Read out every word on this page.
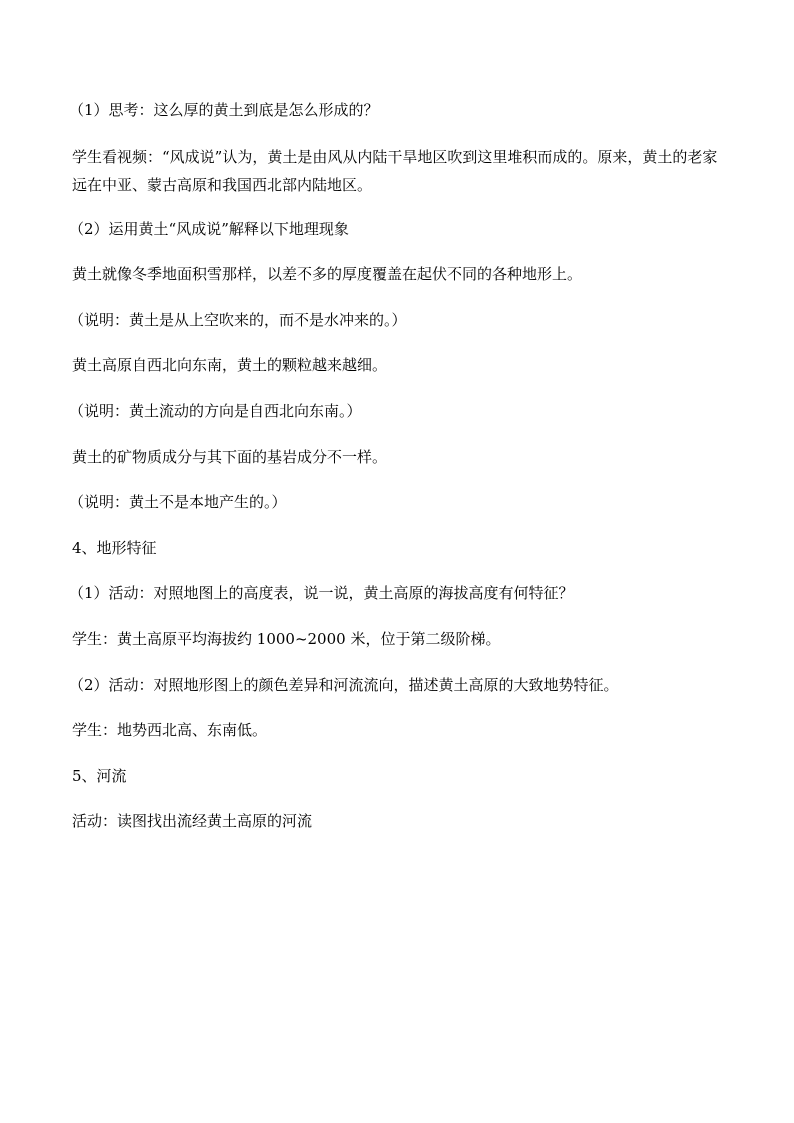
（1）思考：这么厚的黄土到底是怎么形成的？

学生看视频：“风成说”认为，黄土是由风从内陆干旱地区吹到这里堆积而成的。原来，黄土的老家远在中亚、蒙古高原和我国西北部内陆地区。

（2）运用黄土“风成说”解释以下地理现象

黄土就像冬季地面积雪那样，以差不多的厚度覆盖在起伏不同的各种地形上。

（说明：黄土是从上空吹来的，而不是水冲来的。）

黄土高原自西北向东南，黄土的颗粒越来越细。

（说明：黄土流动的方向是自西北向东南。）

黄土的矿物质成分与其下面的基岩成分不一样。

（说明：黄土不是本地产生的。）

4、地形特征

（1）活动：对照地图上的高度表，说一说，黄土高原的海拔高度有何特征？

学生：黄土高原平均海拔约 1000~2000 米，位于第二级阶梯。

（2）活动：对照地形图上的颜色差异和河流流向，描述黄土高原的大致地势特征。

学生：地势西北高、东南低。

5、河流

活动：读图找出流经黄土高原的河流
